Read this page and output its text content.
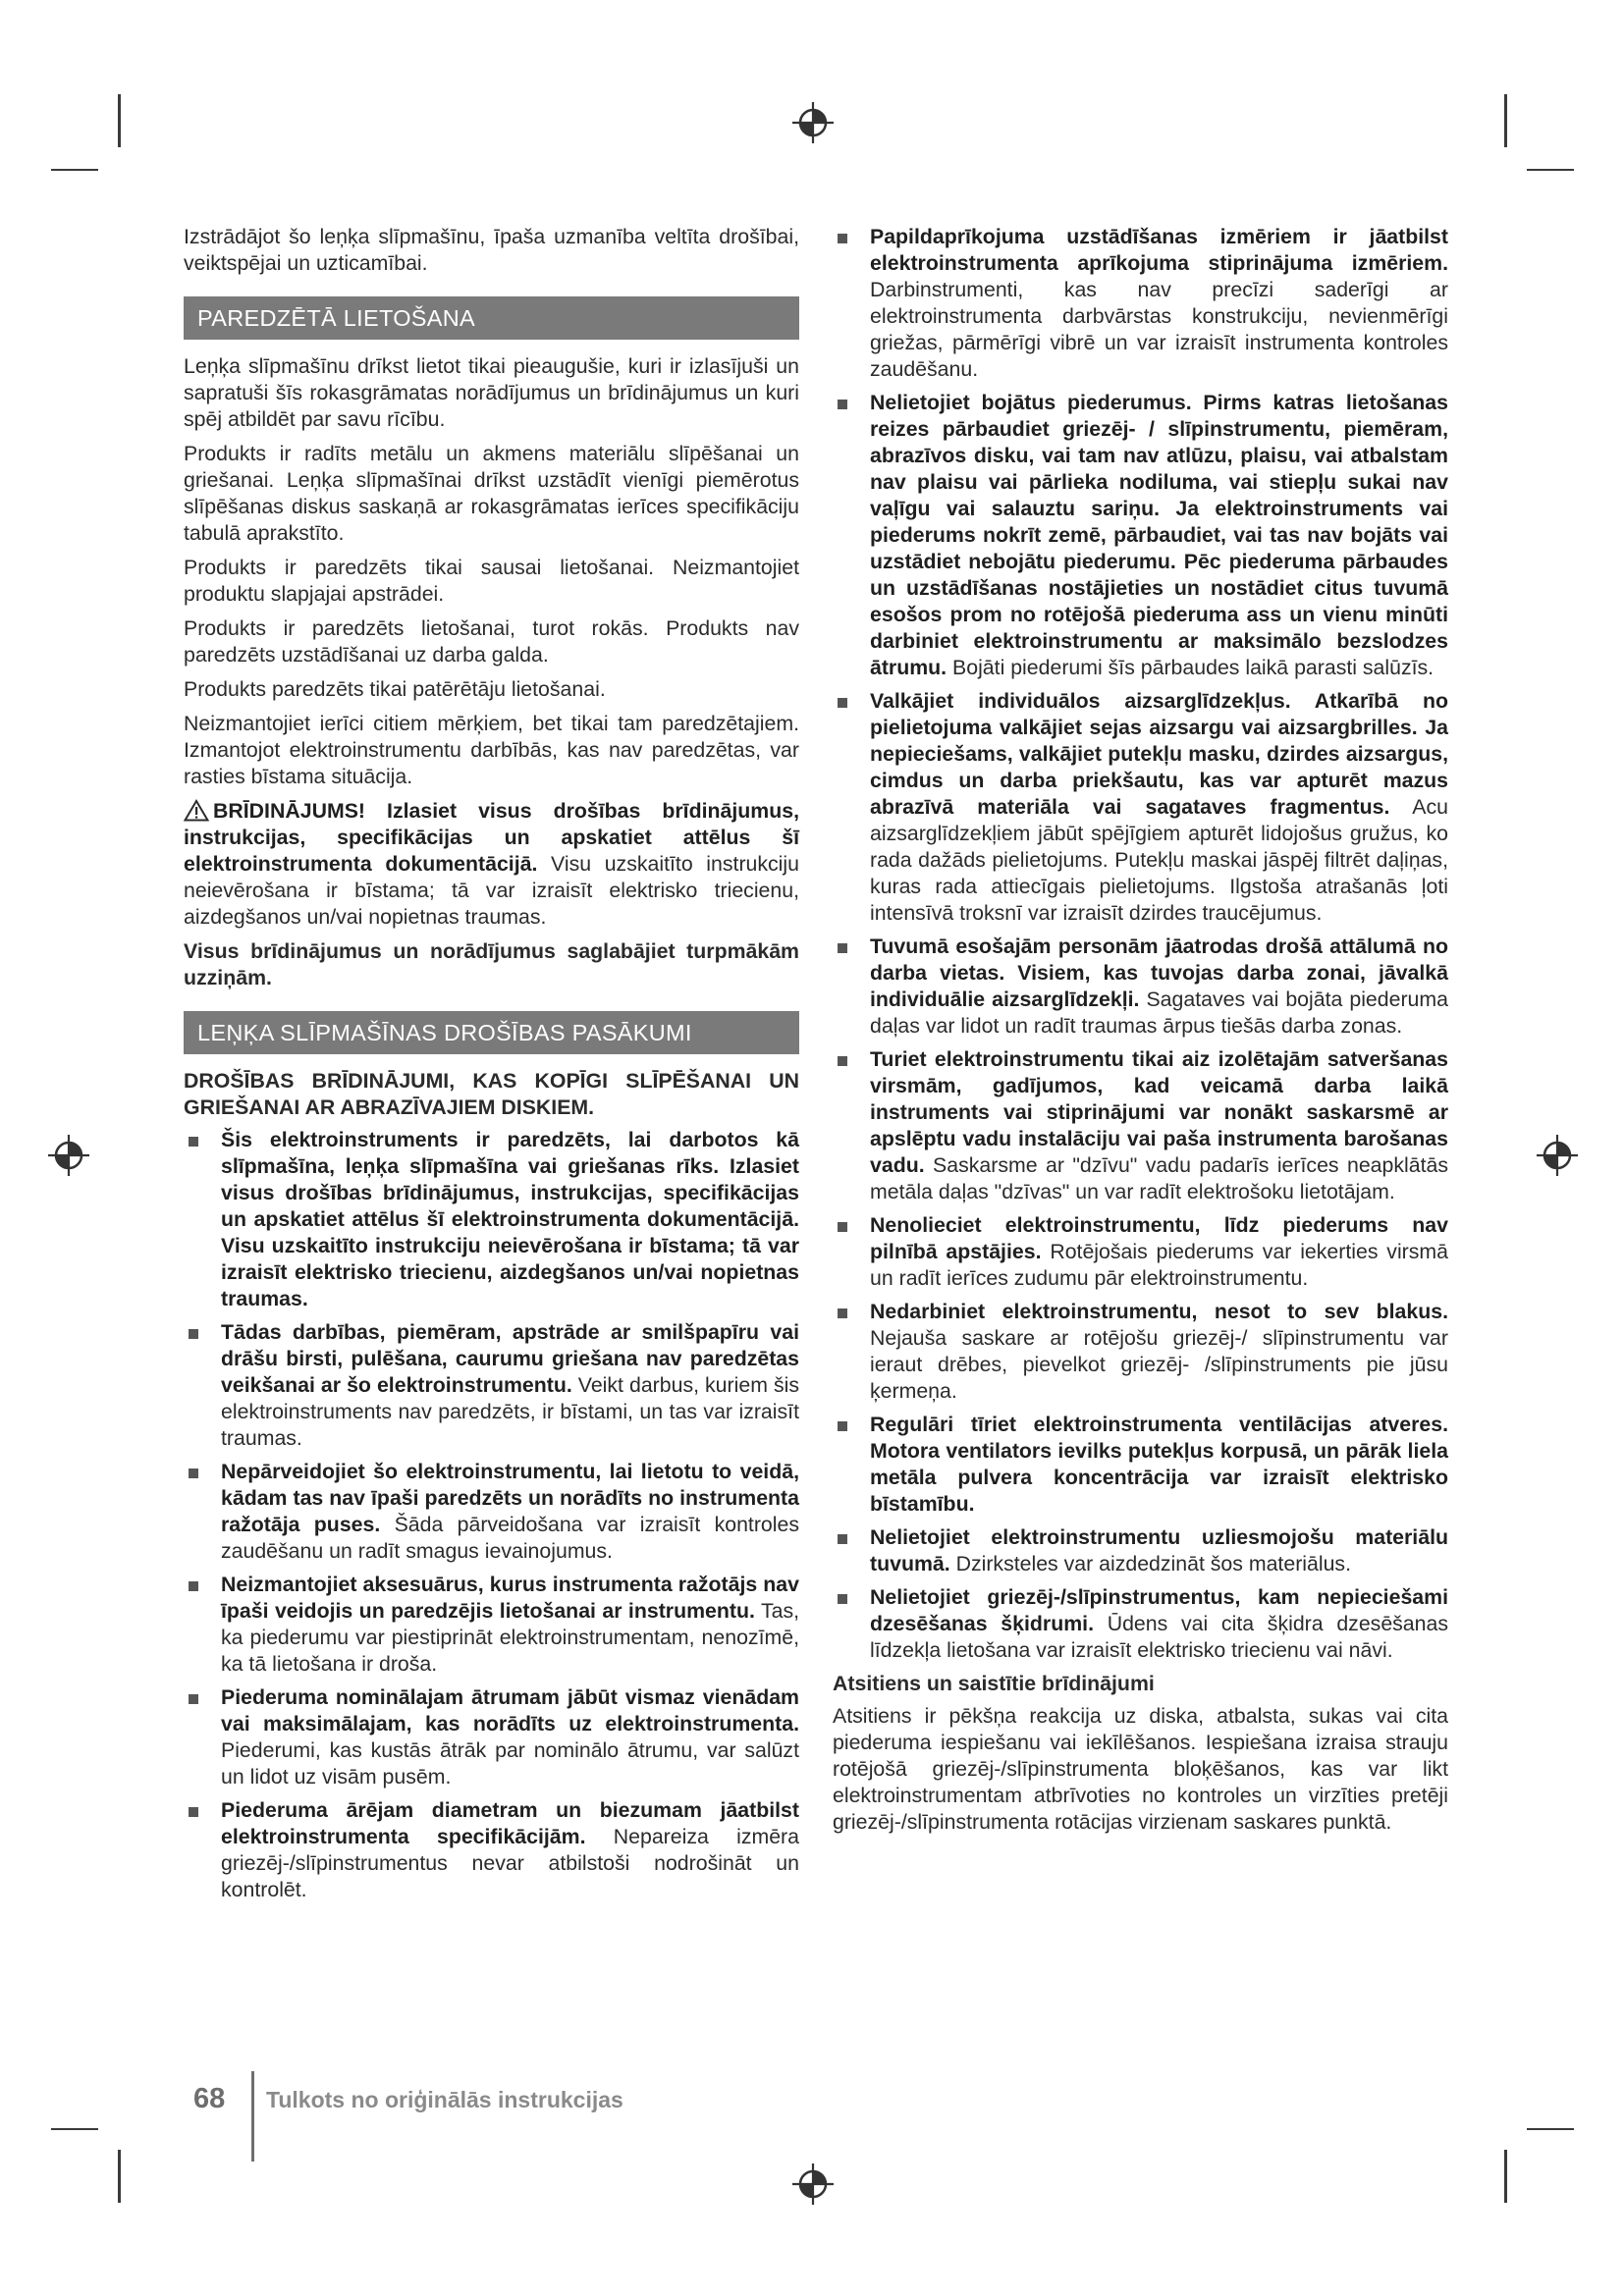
Izstrādājot šo leņķa slīpmašīnu, īpaša uzmanība veltīta drošībai, veiktspējai un uzticamībai.

PAREDZĒTĀ LIETOŠANA

Leņķa slīpmašīnu drīkst lietot tikai pieaugušie, kuri ir izlasījuši un sapratuši šīs rokasgrāmatas norādījumus un brīdinājumus un kuri spēj atbildēt par savu rīcību.

Produkts ir radīts metālu un akmens materiālu slīpēšanai un griešanai. Leņķa slīpmašīnai drīkst uzstādīt vienīgi piemērotus slīpēšanas diskus saskaņā ar rokasgrāmatas ierīces specifikāciju tabulā aprakstīto.

Produkts ir paredzēts tikai sausai lietošanai. Neizmantojiet produktu slapjajai apstrādei.

Produkts ir paredzēts lietošanai, turot rokās. Produkts nav paredzēts uzstādīšanai uz darba galda.

Produkts paredzēts tikai patērētāju lietošanai.

Neizmantojiet ierīci citiem mērķiem, bet tikai tam paredzētajiem. Izmantojot elektroinstrumentu darbībās, kas nav paredzētas, var rasties bīstama situācija.

BRĪDINĀJUMS! Izlasiet visus drošības brīdinājumus, instrukcijas, specifikācijas un apskatiet attēlus šī elektroinstrumenta dokumentācijā. Visu uzskaitīto instrukciju neievērošana ir bīstama; tā var izraisīt elektrisko triecienu, aizdegšanos un/vai nopietnas traumas.

Visus brīdinājumus un norādījumus saglabājiet turpmākām uzziņām.

LEŅĶA SLĪPMAŠĪNAS DROŠĪBAS PASĀKUMI

DROŠĪBAS BRĪDINĀJUMI, KAS KOPĪGI SLĪPĒŠANAI UN GRIEŠANAI AR ABRAZĪVAJIEM DISKIEM.

Šis elektroinstruments ir paredzēts, lai darbotos kā slīpmašīna, leņķa slīpmašīna vai griešanas rīks. Izlasiet visus drošības brīdinājumus, instrukcijas, specifikācijas un apskatiet attēlus šī elektroinstrumenta dokumentācijā. Visu uzskaitīto instrukciju neievērošana ir bīstama; tā var izraisīt elektrisko triecienu, aizdegšanos un/vai nopietnas traumas.
Tādas darbības, piemēram, apstrāde ar smilšpapīru vai drāšu birsti, pulēšana, caurumu griešana nav paredzētas veikšanai ar šo elektroinstrumentu. Veikt darbus, kuriem šis elektroinstruments nav paredzēts, ir bīstami, un tas var izraisīt traumas.
Nepārveidojiet šo elektroinstrumentu, lai lietotu to veidā, kādam tas nav īpaši paredzēts un norādīts no instrumenta ražotāja puses. Šāda pārveidošana var izraisīt kontroles zaudēšanu un radīt smagus ievainojumus.
Neizmantojiet aksesuārus, kurus instrumenta ražotājs nav īpaši veidojis un paredzējis lietošanai ar instrumentu. Tas, ka piederumu var piestiprināt elektroinstrumentam, nenozīmē, ka tā lietošana ir droša.
Piederuma nominālajam ātrumam jābūt vismaz vienādam vai maksimālajam, kas norādīts uz elektroinstrumenta. Piederumi, kas kustās ātrāk par nominālo ātrumu, var salūzt un lidot uz visām pusēm.
Piederuma ārējam diametram un biezumam jāatbilst elektroinstrumenta specifikācijām. Nepareiza izmēra griezēj-/slīpinstrumentus nevar atbilstoši nodrošināt un kontrolēt.
Papildaprīkojuma uzstādīšanas izmēriem ir jāatbilst elektroinstrumenta aprīkojuma stiprinājuma izmēriem. Darbinstrumenti, kas nav precīzi saderīgi ar elektroinstrumenta darbvārstas konstrukciju, nevienmērīgi griežas, pārmērīgi vibrē un var izraisīt instrumenta kontroles zaudēšanu.
Nelietojiet bojātus piederumus. Pirms katras lietošanas reizes pārbaudiet griezēj- / slīpinstrumentu, piemēram, abrazīvos disku, vai tam nav atlūzu, plaisu, vai atbalstam nav plaisu vai pārlieka nodiluma, vai stiepļu sukai nav vaļīgu vai salauztu sariņu. Ja elektroinstruments vai piederums nokrīt zemē, pārbaudiet, vai tas nav bojāts vai uzstādiet nebojātu piederumu. Pēc piederuma pārbaudes un uzstādīšanas nostājieties un nostādiet citus tuvumā esošos prom no rotējošā piederuma ass un vienu minūti darbiniet elektroinstrumentu ar maksimālo bezslodzes ātrumu. Bojāti piederumi šīs pārbaudes laikā parasti salūzīs.
Valkājiet individuālos aizsarglīdzekļus. Atkarībā no pielietojuma valkājiet sejas aizsargu vai aizsargbrilles. Ja nepieciešams, valkājiet putekļu masku, dzirdes aizsargus, cimdus un darba priekšautu, kas var apturēt mazus abrazīvā materiāla vai sagataves fragmentus. Acu aizsarglīdzekļiem jābūt spējīgiem apturēt lidojošus gružus, ko rada dažāds pielietojums. Putekļu maskai jāspēj filtrēt daļiņas, kuras rada attiecīgais pielietojums. Ilgstoša atrašanās ļoti intensīvā troksnī var izraisīt dzirdes traucējumus.
Tuvumā esošajām personām jāatrodas drošā attālumā no darba vietas. Visiem, kas tuvojas darba zonai, jāvalkā individuālie aizsarglīdzekļi. Sagataves vai bojāta piederuma daļas var lidot un radīt traumas ārpus tiešās darba zonas.
Turiet elektroinstrumentu tikai aiz izolētajām satveršanas virsmām, gadījumos, kad veicamā darba laikā instruments vai stiprinājumi var nonākt saskarsmē ar apslēptu vadu instalāciju vai paša instrumenta barošanas vadu. Saskarsme ar "dzīvu" vadu padarīs ierīces neapklātās metāla daļas "dzīvas" un var radīt elektrošoku lietotājam.
Nenolieciet elektroinstrumentu, līdz piederums nav pilnībā apstājies. Rotējošais piederums var iekerties virsmā un radīt ierīces zudumu pār elektroinstrumentu.
Nedarbiniet elektroinstrumentu, nesot to sev blakus. Nejauša saskare ar rotējošu griezēj-/ slīpinstrumentu var ieraut drēbes, pievelkot griezēj- /slīpinstruments pie jūsu ķermeņa.
Regulāri tīriet elektroinstrumenta ventilācijas atveres. Motora ventilators ievilks putekļus korpusā, un pārāk liela metāla pulvera koncentrācija var izraisīt elektrisko bīstamību.
Nelietojiet elektroinstrumentu uzliesmojošu materiālu tuvumā. Dzirksteles var aizdedzināt šos materiālus.
Nelietojiet griezēj-/slīpinstrumentus, kam nepieciešami dzesēšanas šķidrumi. Ūdens vai cita šķidra dzesēšanas līdzekļa lietošana var izraisīt elektrisko triecienu vai nāvi.

Atsitiens un saistītie brīdinājumi

Atsitiens ir pēkšņa reakcija uz diska, atbalsta, sukas vai cita piederuma iespiešanu vai iekīlēšanos. Iespiešana izraisa strauju rotējošā griezēj-/slīpinstrumenta bloķēšanos, kas var likt elektroinstrumentam atbrīvoties no kontroles un virzīties pretēji griezēj-/slīpinstrumenta rotācijas virzienam saskares punktā.

68 Tulkots no oriģinālās instrukcijas
